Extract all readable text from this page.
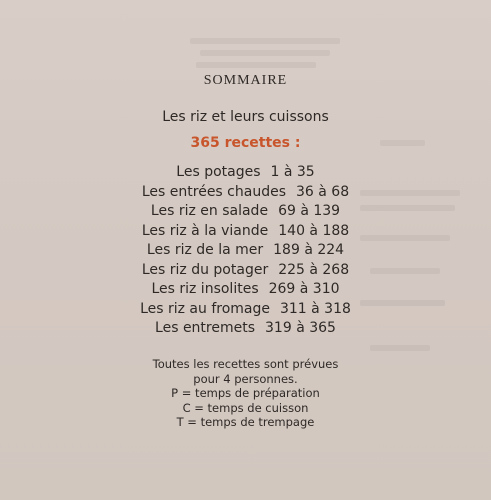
SOMMAIRE
Les riz et leurs cuissons
365 recettes :
Les potages 1 à 35
Les entrées chaudes 36 à 68
Les riz en salade 69 à 139
Les riz à la viande 140 à 188
Les riz de la mer 189 à 224
Les riz du potager 225 à 268
Les riz insolites 269 à 310
Les riz au fromage 311 à 318
Les entremets 319 à 365
Toutes les recettes sont prévues
pour 4 personnes.
P = temps de préparation
C = temps de cuisson
T = temps de trempage
